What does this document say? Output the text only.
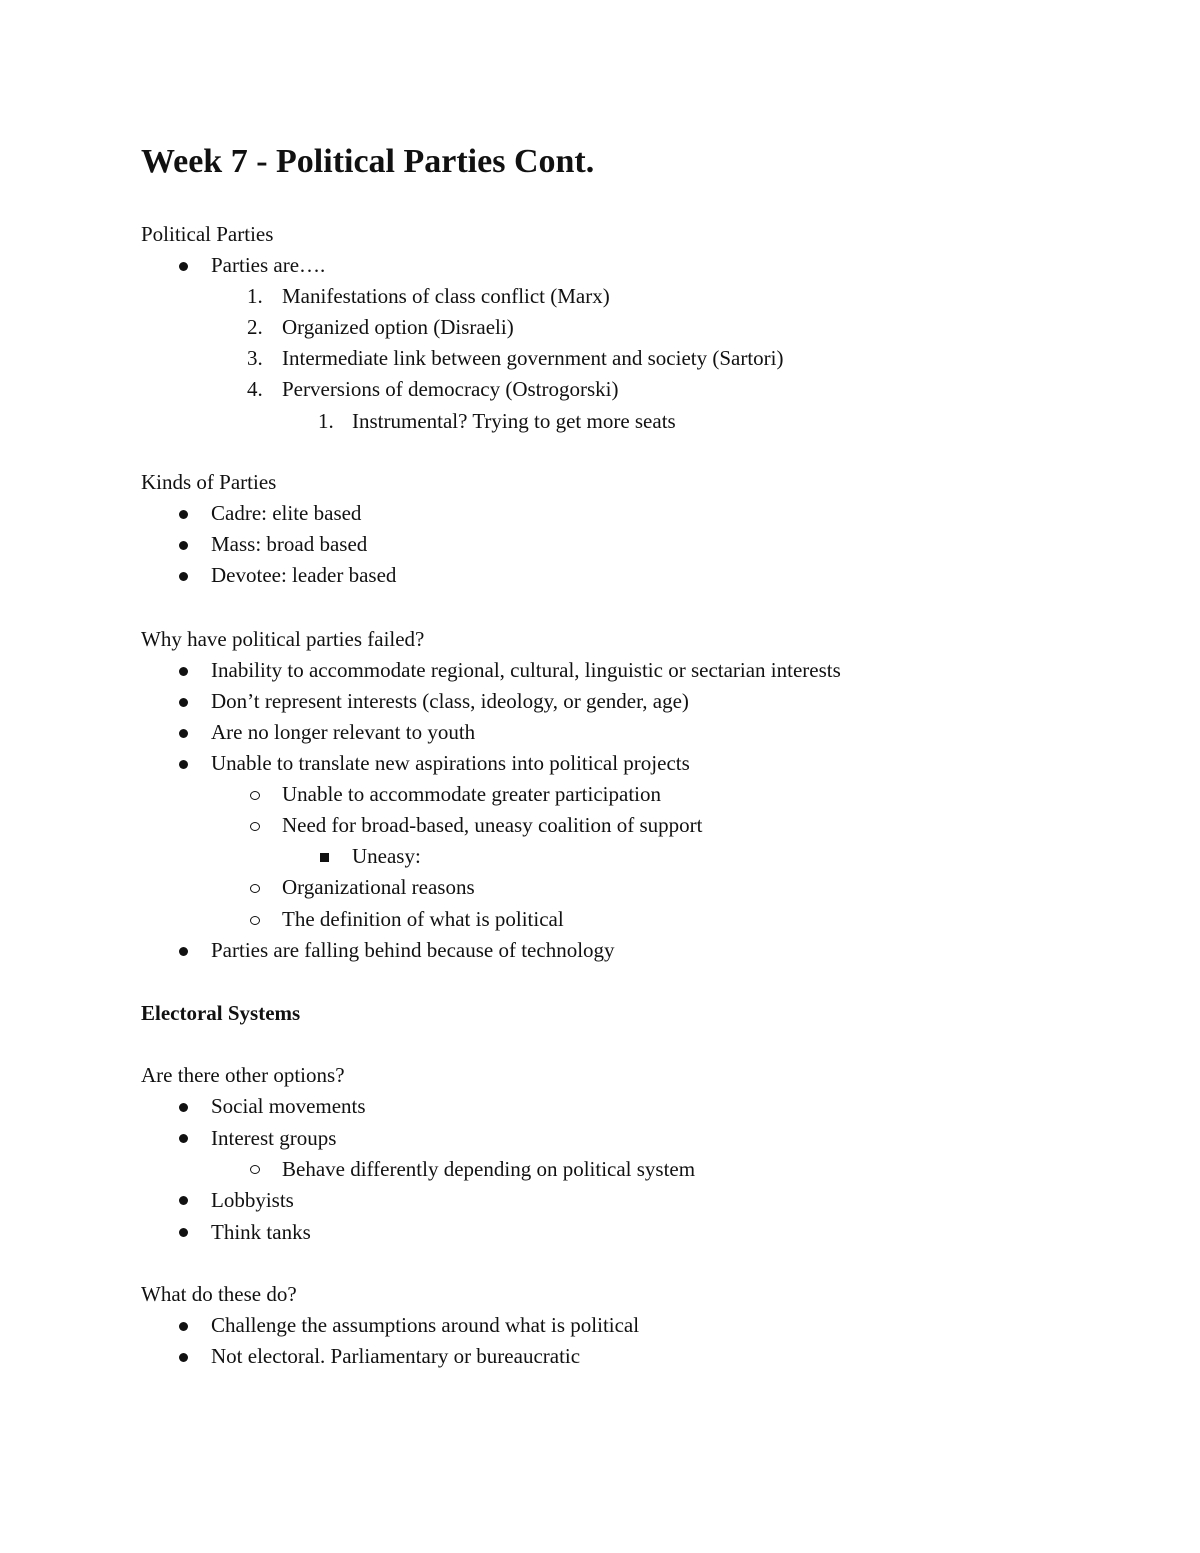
Week 7 - Political Parties Cont.
Political Parties
Parties are….
1. Manifestations of class conflict (Marx)
2. Organized option (Disraeli)
3. Intermediate link between government and society (Sartori)
4. Perversions of democracy (Ostrogorski)
1. Instrumental? Trying to get more seats
Kinds of Parties
Cadre: elite based
Mass: broad based
Devotee: leader based
Why have political parties failed?
Inability to accommodate regional, cultural, linguistic or sectarian interests
Don’t represent interests (class, ideology, or gender, age)
Are no longer relevant to youth
Unable to translate new aspirations into political projects
Unable to accommodate greater participation
Need for broad-based, uneasy coalition of support
Uneasy:
Organizational reasons
The definition of what is political
Parties are falling behind because of technology
Electoral Systems
Are there other options?
Social movements
Interest groups
Behave differently depending on political system
Lobbyists
Think tanks
What do these do?
Challenge the assumptions around what is political
Not electoral. Parliamentary or bureaucratic
